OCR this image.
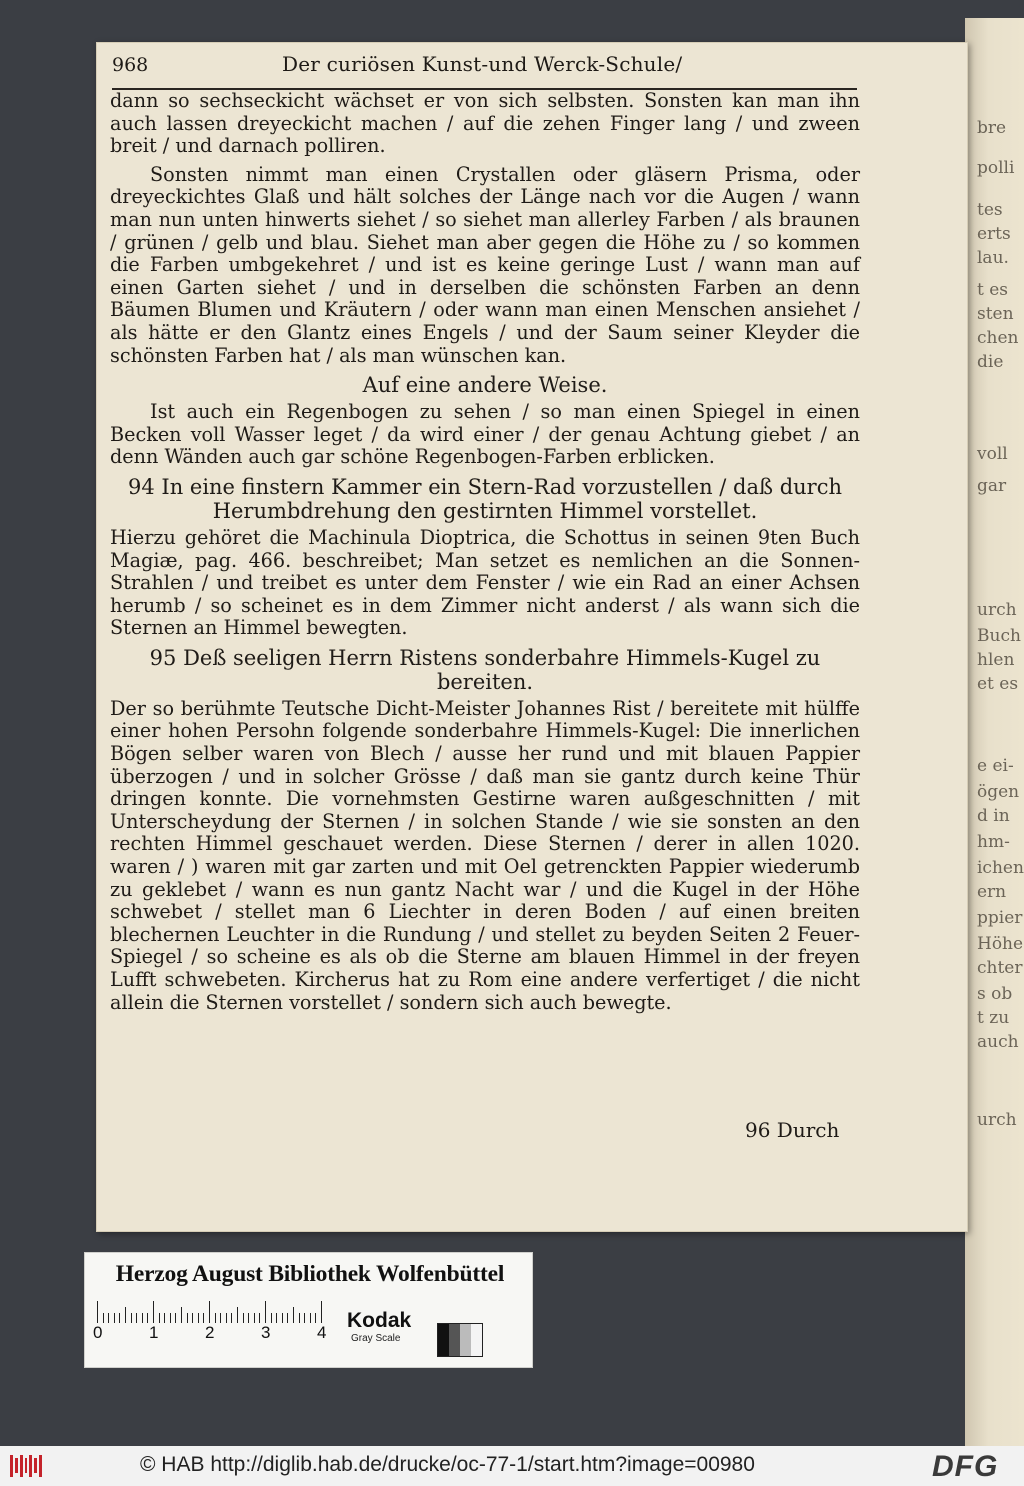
bre
polli
tes
erts
lau.
t es
sten
chen
die
voll
gar
urch
Buch
hlen
et es
e ei-
ögen
d in
hm-
ichen
ern
ppier
Höhe
chter
s ob
t zu
auch
urch
968	Der curiösen Kunst-und Werck-Schule/

dann so sechseckicht wächset er von sich selbsten. Sonsten kan man ihn auch lassen dreyeckicht machen / auf die zehen Finger lang / und zween breit / und darnach polliren.

Sonsten nimmt man einen Crystallen oder gläsern Prisma, oder dreyeckichtes Glaß und hält solches der Länge nach vor die Augen / wann man nun unten hinwerts siehet / so siehet man allerley Farben / als braunen / grünen / gelb und blau. Siehet man aber gegen die Höhe zu / so kommen die Farben umbgekehret / und ist es keine geringe Lust / wann man auf einen Garten siehet / und in derselben die schönsten Farben an denn Bäumen Blumen und Kräutern / oder wann man einen Menschen ansiehet / als hätte er den Glantz eines Engels / und der Saum seiner Kleyder die schönsten Farben hat / als man wünschen kan.

Auf eine andere Weise.

Ist auch ein Regenbogen zu sehen / so man einen Spiegel in einen Becken voll Wasser leget / da wird einer / der genau Achtung giebet / an denn Wänden auch gar schöne Regenbogen-Farben erblicken.

94 In eine finstern Kammer ein Stern-Rad vorzustellen / daß durch Herumbdrehung den gestirnten Himmel vorstellet.

Hierzu gehöret die Machinula Dioptrica, die Schottus in seinen 9ten Buch Magiæ, pag. 466. beschreibet; Man setzet es nemlichen an die Sonnen-Strahlen / und treibet es unter dem Fenster / wie ein Rad an einer Achsen herumb / so scheinet es in dem Zimmer nicht anderst / als wann sich die Sternen an Himmel bewegten.

95 Deß seeligen Herrn Ristens sonderbahre Himmels-Kugel zu bereiten.

Der so berühmte Teutsche Dicht-Meister Johannes Rist / bereitete mit hülffe einer hohen Persohn folgende sonderbahre Himmels-Kugel: Die innerlichen Bögen selber waren von Blech / ausse her rund und mit blauen Pappier überzogen / und in solcher Grösse / daß man sie gantz durch keine Thür dringen konnte. Die vornehmsten Gestirne waren außgeschnitten / mit Unterscheydung der Sternen / in solchen Stande / wie sie sonsten an den rechten Himmel geschauet werden. Diese Sternen / derer in allen 1020. waren / ) waren mit gar zarten und mit Oel getrenckten Pappier wiederumb zu geklebet / wann es nun gantz Nacht war / und die Kugel in der Höhe schwebet / stellet man 6 Liechter in deren Boden / auf einen breiten blechernen Leuchter in die Rundung / und stellet zu beyden Seiten 2 Feuer-Spiegel / so scheine es als ob die Sterne am blauen Himmel in der freyen Lufft schwebeten. Kircherus hat zu Rom eine andere verfertiget / die nicht allein die Sternen vorstellet / sondern sich auch bewegte.

96 Durch
Herzog August Bibliothek Wolfenbüttel
0	1	2	3	4
Kodak
Gray Scale
© HAB http://diglib.hab.de/drucke/oc-77-1/start.htm?image=00980	DFG
